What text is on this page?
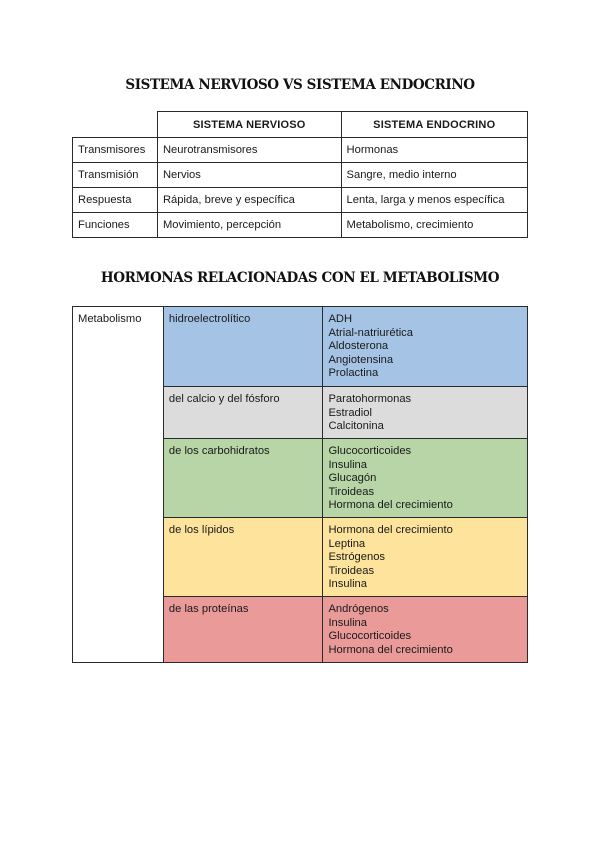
SISTEMA NERVIOSO VS SISTEMA ENDOCRINO
	SISTEMA NERVIOSO	SISTEMA ENDOCRINO
Transmisores	Neurotransmisores	Hormonas
Transmisión	Nervios	Sangre, medio interno
Respuesta	Rápida, breve y específica	Lenta, larga y menos específica
Funciones	Movimiento, percepción	Metabolismo, crecimiento
HORMONAS RELACIONADAS CON EL METABOLISMO
Metabolismo	hidroelectrolítico	ADH
Atrial-natriurética
Aldosterona
Angiotensina
Prolactina

	del calcio y del fósforo	Paratohormonas
Estradiol
Calcitonina

	de los carbohidratos	Glucocorticoides
Insulina
Glucagón
Tiroideas
Hormona del crecimiento

	de los lípidos	Hormona del crecimiento
Leptina
Estrógenos
Tiroideas
Insulina

	de las proteínas	Andrógenos
Insulina
Glucocorticoides
Hormona del crecimiento
